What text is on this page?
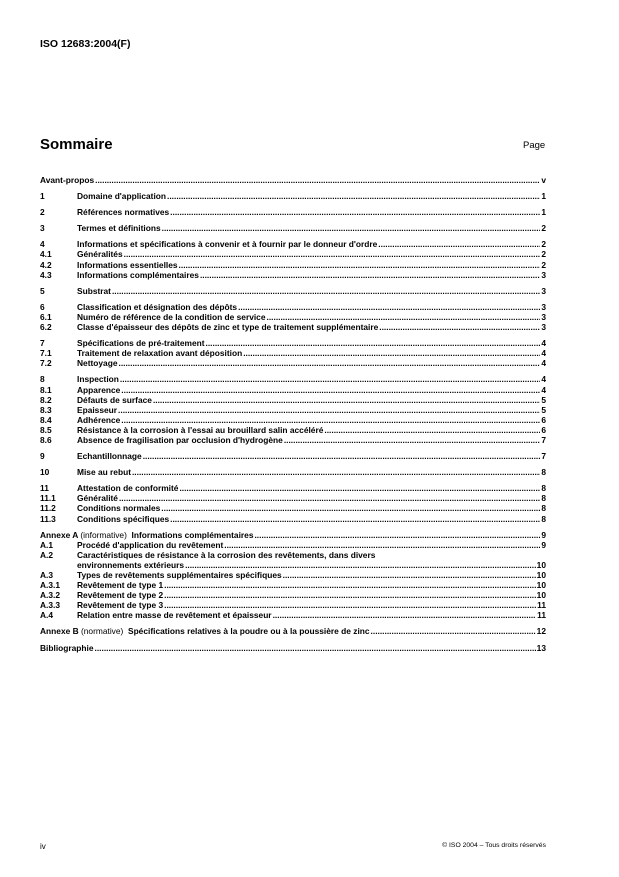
ISO 12683:2004(F)
Sommaire	Page
Avant-propos .....	v
1	Domaine d'application .....	1
2	Références normatives .....	1
3	Termes et définitions .....	2
4	Informations et spécifications à convenir et à fournir par le donneur d'ordre .....	2
4.1	Généralités .....	2
4.2	Informations essentielles .....	2
4.3	Informations complémentaires .....	3
5	Substrat .....	3
6	Classification et désignation des dépôts .....	3
6.1	Numéro de référence de la condition de service .....	3
6.2	Classe d'épaisseur des dépôts de zinc et type de traitement supplémentaire .....	3
7	Spécifications de pré-traitement .....	4
7.1	Traitement de relaxation avant déposition .....	4
7.2	Nettoyage .....	4
8	Inspection .....	4
8.1	Apparence .....	4
8.2	Défauts de surface .....	5
8.3	Epaisseur .....	5
8.4	Adhérence .....	6
8.5	Résistance à la corrosion à l'essai au brouillard salin accéléré .....	6
8.6	Absence de fragilisation par occlusion d'hydrogène .....	7
9	Echantillonnage .....	7
10	Mise au rebut .....	8
11	Attestation de conformité .....	8
11.1	Généralité .....	8
11.2	Conditions normales .....	8
11.3	Conditions spécifiques .....	8
Annexe A (informative) Informations complémentaires .....	9
A.1	Procédé d'application du revêtement .....	9
A.2	Caractéristiques de résistance à la corrosion des revêtements, dans divers
environnements extérieurs .....	10
A.3	Types de revêtements supplémentaires spécifiques .....	10
A.3.1	Revêtement de type 1 .....	10
A.3.2	Revêtement de type 2 .....	10
A.3.3	Revêtement de type 3 .....	11
A.4	Relation entre masse de revêtement et épaisseur .....	11
Annexe B (normative) Spécifications relatives à la poudre ou à la poussière de zinc .....	12
Bibliographie .....	13
iv	© ISO 2004 – Tous droits réservés
